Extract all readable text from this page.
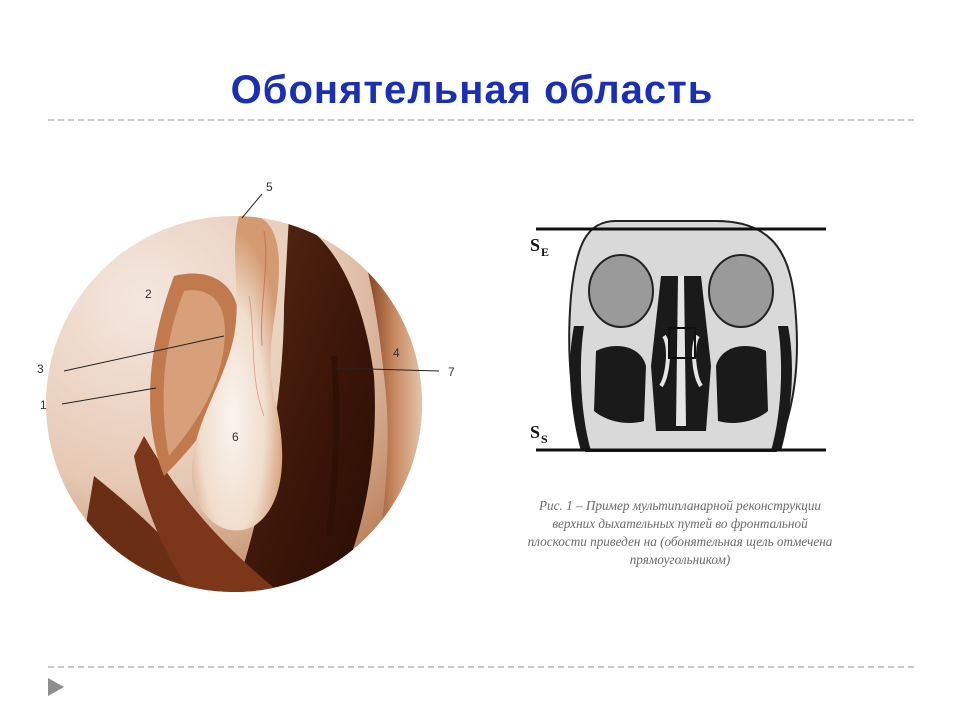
Обонятельная область
5
2
3
1
4
7
6
S E
S S
Рис. 1 – Пример мультипланарной реконструкции
верхних дыхательных путей во фронтальной
плоскости приведен на (обонятельная щель отмечена
прямоугольником)
